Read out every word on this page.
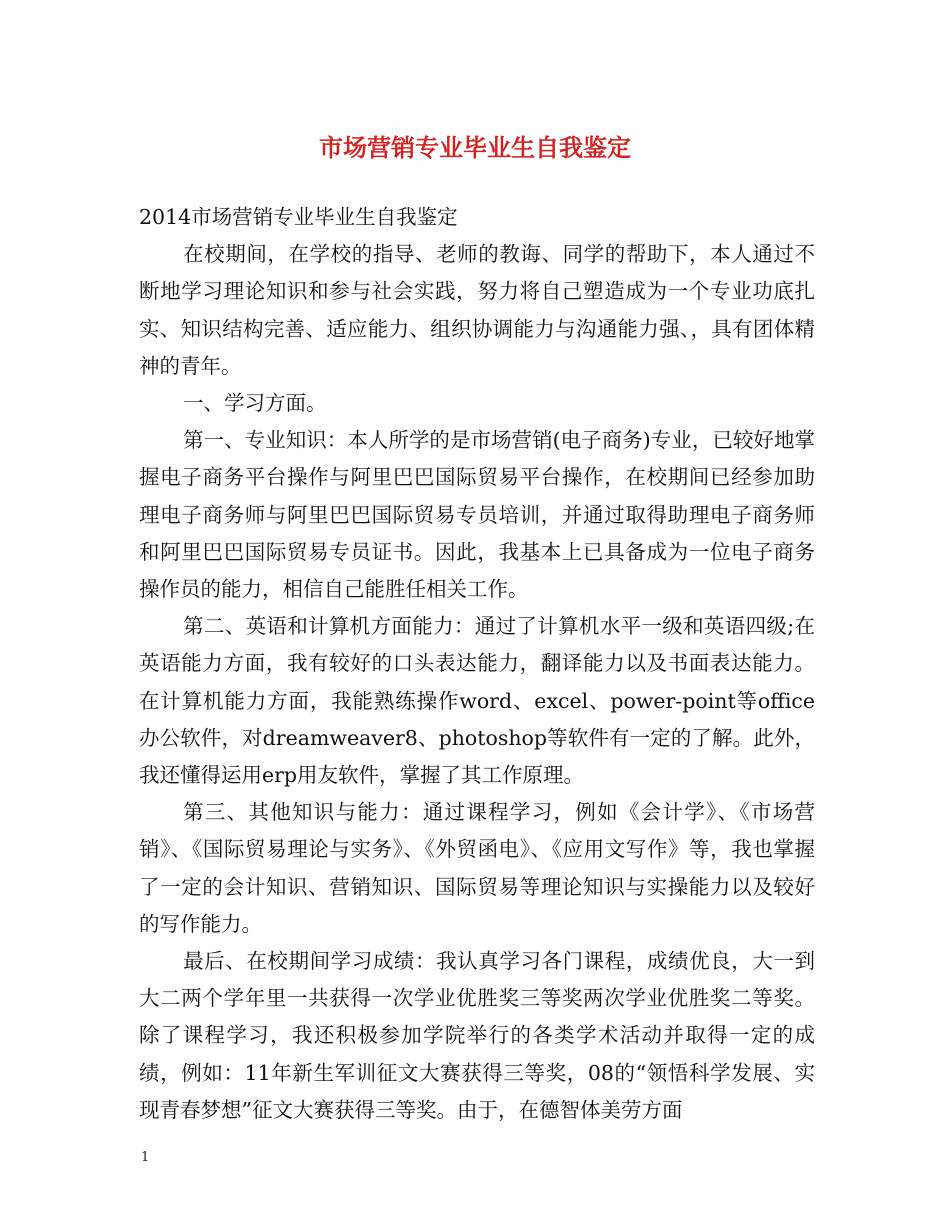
市场营销专业毕业生自我鉴定

2014市场营销专业毕业生自我鉴定

在校期间，在学校的指导、老师的教诲、同学的帮助下，本人通过不断地学习理论知识和参与社会实践，努力将自己塑造成为一个专业功底扎实、知识结构完善、适应能力、组织协调能力与沟通能力强、，具有团体精神的青年。

一、学习方面。

第一、专业知识：本人所学的是市场营销(电子商务)专业，已较好地掌握电子商务平台操作与阿里巴巴国际贸易平台操作，在校期间已经参加助理电子商务师与阿里巴巴国际贸易专员培训，并通过取得助理电子商务师和阿里巴巴国际贸易专员证书。因此，我基本上已具备成为一位电子商务操作员的能力，相信自己能胜任相关工作。

第二、英语和计算机方面能力：通过了计算机水平一级和英语四级;在英语能力方面，我有较好的口头表达能力，翻译能力以及书面表达能力。在计算机能力方面，我能熟练操作word、excel、power-point等office办公软件，对dreamweaver8、photoshop等软件有一定的了解。此外，我还懂得运用erp用友软件，掌握了其工作原理。

第三、其他知识与能力：通过课程学习，例如《会计学》、《市场营销》、《国际贸易理论与实务》、《外贸函电》、《应用文写作》等，我也掌握了一定的会计知识、营销知识、国际贸易等理论知识与实操能力以及较好的写作能力。

最后、在校期间学习成绩：我认真学习各门课程，成绩优良，大一到大二两个学年里一共获得一次学业优胜奖三等奖两次学业优胜奖二等奖。除了课程学习，我还积极参加学院举行的各类学术活动并取得一定的成绩，例如：11年新生军训征文大赛获得三等奖，08的“领悟科学发展、实现青春梦想”征文大赛获得三等奖。由于，在德智体美劳方面

1
